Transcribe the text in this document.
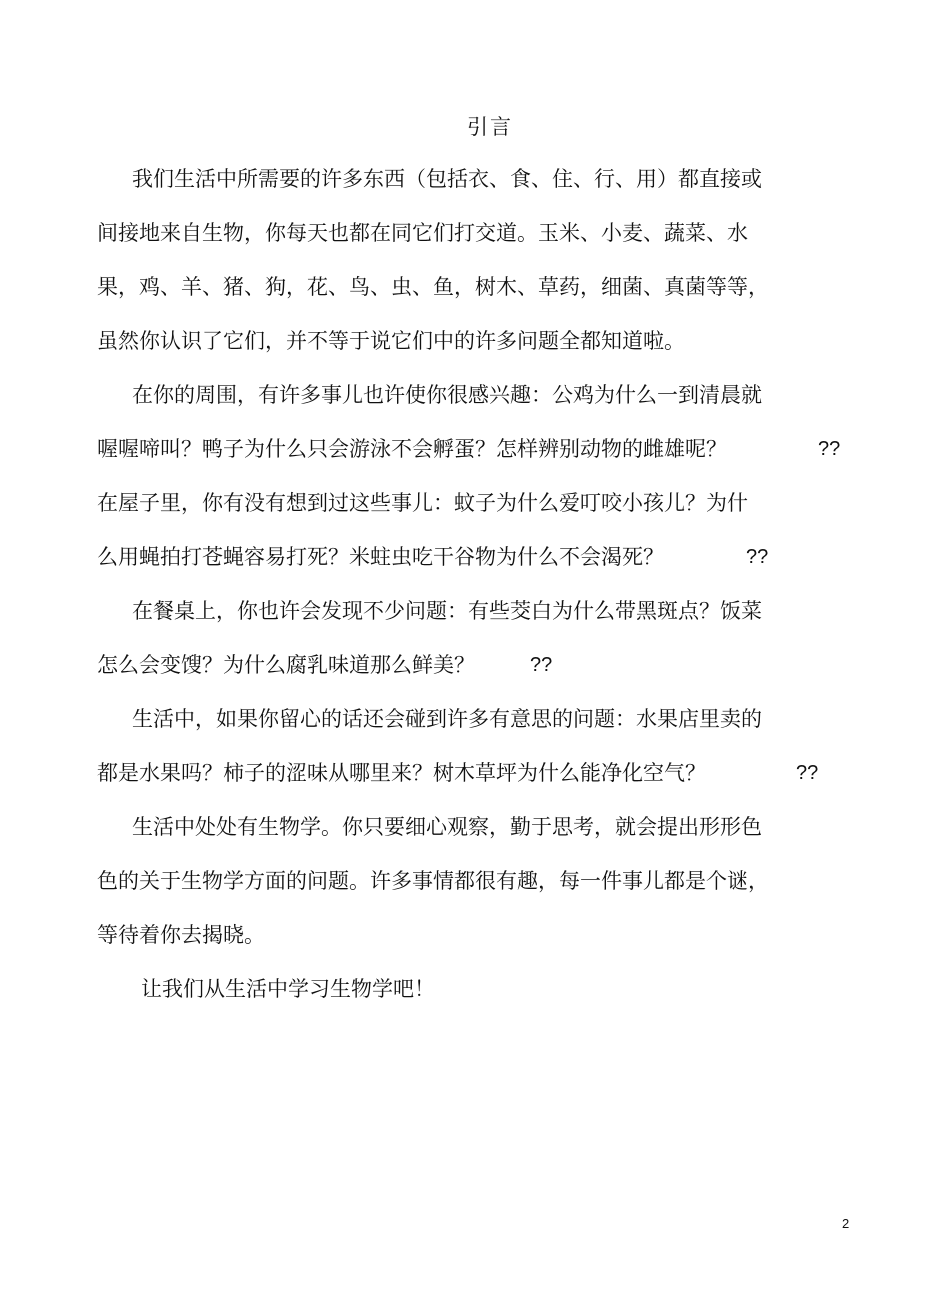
引言
我们生活中所需要的许多东西（包括衣、食、住、行、用）都直接或
间接地来自生物，你每天也都在同它们打交道。玉米、小麦、蔬菜、水
果，鸡、羊、猪、狗，花、鸟、虫、鱼，树木、草药，细菌、真菌等等，
虽然你认识了它们，并不等于说它们中的许多问题全都知道啦。
在你的周围，有许多事儿也许使你很感兴趣：公鸡为什么一到清晨就
喔喔啼叫？鸭子为什么只会游泳不会孵蛋？怎样辨别动物的雌雄呢？	??
在屋子里，你有没有想到过这些事儿：蚊子为什么爱叮咬小孩儿？为什
么用蝇拍打苍蝇容易打死？米蛀虫吃干谷物为什么不会渴死？	??
在餐桌上，你也许会发现不少问题：有些茭白为什么带黑斑点？饭菜
怎么会变馊？为什么腐乳味道那么鲜美？	??
生活中，如果你留心的话还会碰到许多有意思的问题：水果店里卖的
都是水果吗？柿子的涩味从哪里来？树木草坪为什么能净化空气？	??
生活中处处有生物学。你只要细心观察，勤于思考，就会提出形形色
色的关于生物学方面的问题。许多事情都很有趣，每一件事儿都是个谜，
等待着你去揭晓。
让我们从生活中学习生物学吧！
2
